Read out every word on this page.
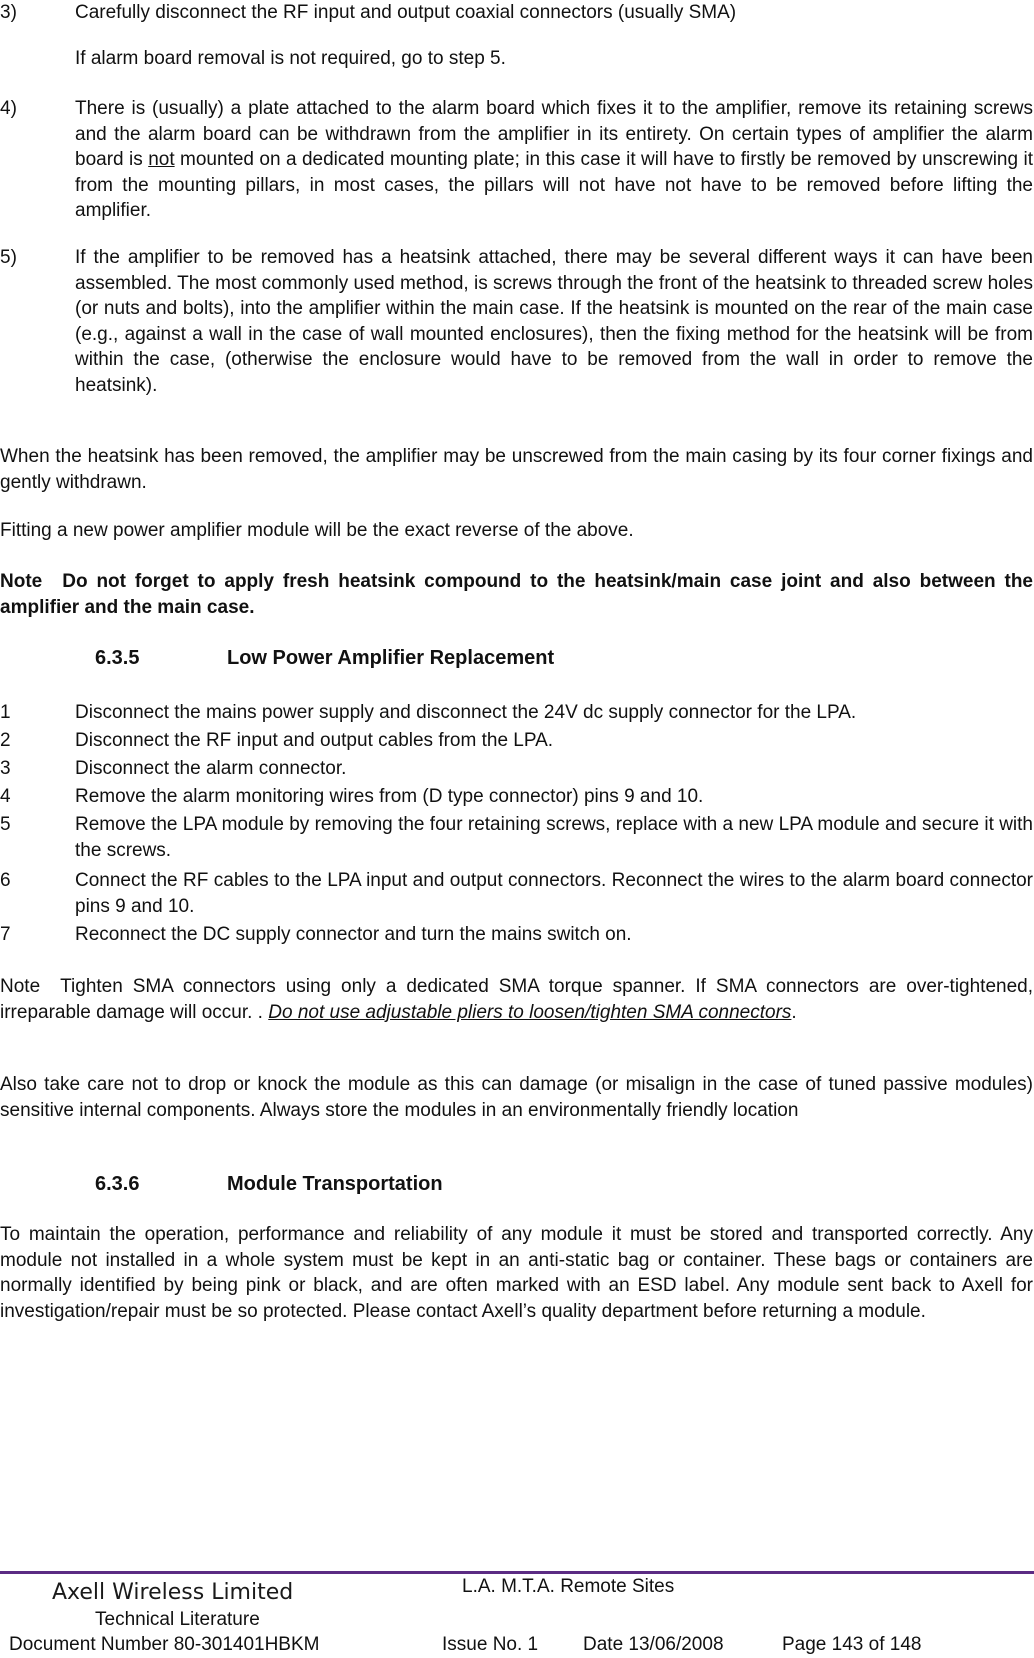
3)	Carefully disconnect the RF input and output coaxial connectors (usually SMA)
If alarm board removal is not required, go to step 5.
4)	There is (usually) a plate attached to the alarm board which fixes it to the amplifier, remove its retaining screws and the alarm board can be withdrawn from the amplifier in its entirety. On certain types of amplifier the alarm board is not mounted on a dedicated mounting plate; in this case it will have to firstly be removed by unscrewing it from the mounting pillars, in most cases, the pillars will not have not have to be removed before lifting the amplifier.
5)	If the amplifier to be removed has a heatsink attached, there may be several different ways it can have been assembled. The most commonly used method, is screws through the front of the heatsink to threaded screw holes (or nuts and bolts), into the amplifier within the main case. If the heatsink is mounted on the rear of the main case (e.g., against a wall in the case of wall mounted enclosures), then the fixing method for the heatsink will be from within the case, (otherwise the enclosure would have to be removed from the wall in order to remove the heatsink).
When the heatsink has been removed, the amplifier may be unscrewed from the main casing by its four corner fixings and gently withdrawn.
Fitting a new power amplifier module will be the exact reverse of the above.
Note Do not forget to apply fresh heatsink compound to the heatsink/main case joint and also between the amplifier and the main case.
6.3.5	Low Power Amplifier Replacement
1	Disconnect the mains power supply and disconnect the 24V dc supply connector for the LPA.
2	Disconnect the RF input and output cables from the LPA.
3	Disconnect the alarm connector.
4	Remove the alarm monitoring wires from (D type connector) pins 9 and 10.
5	Remove the LPA module by removing the four retaining screws, replace with a new LPA module and secure it with the screws.
6	Connect the RF cables to the LPA input and output connectors. Reconnect the wires to the alarm board connector pins 9 and 10.
7	Reconnect the DC supply connector and turn the mains switch on.
Note Tighten SMA connectors using only a dedicated SMA torque spanner. If SMA connectors are over-tightened, irreparable damage will occur. . Do not use adjustable pliers to loosen/tighten SMA connectors.
Also take care not to drop or knock the module as this can damage (or misalign in the case of tuned passive modules) sensitive internal components. Always store the modules in an environmentally friendly location
6.3.6	Module Transportation
To maintain the operation, performance and reliability of any module it must be stored and transported correctly. Any module not installed in a whole system must be kept in an anti-static bag or container. These bags or containers are normally identified by being pink or black, and are often marked with an ESD label. Any module sent back to Axell for investigation/repair must be so protected. Please contact Axell’s quality department before returning a module.
Axell Wireless Limited	L.A. M.T.A. Remote Sites
Technical Literature
Document Number 80-301401HBKM	Issue No. 1 Date 13/06/2008	Page 143 of 148
